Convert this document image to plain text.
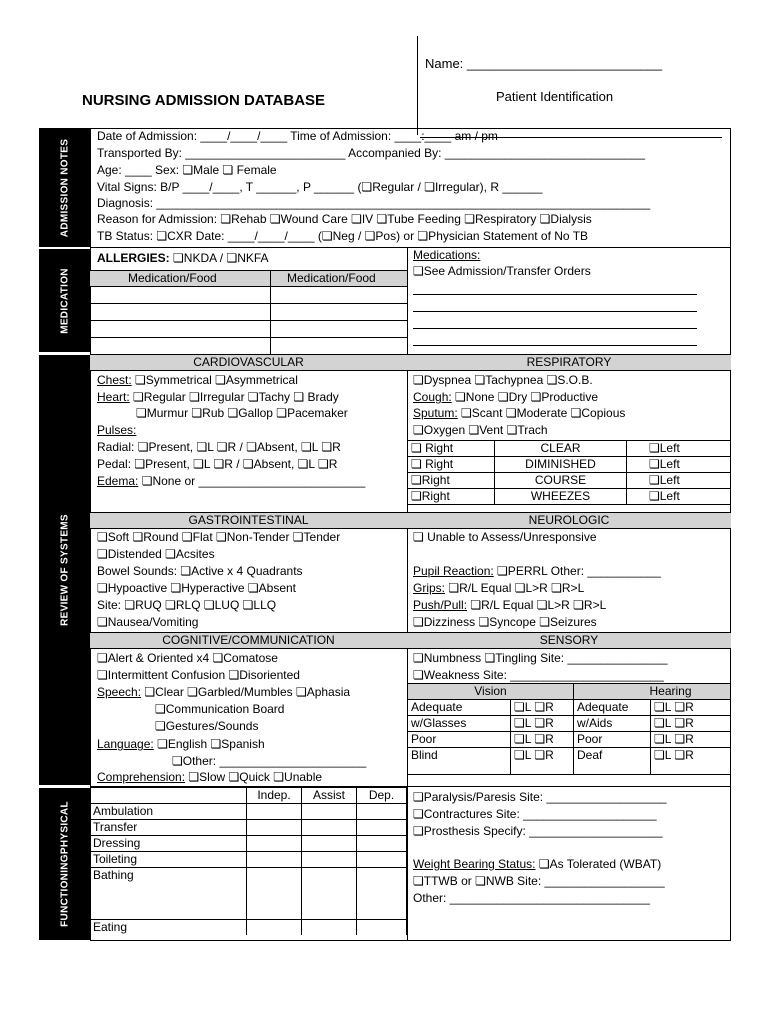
NURSING ADMISSION DATABASE
Name: ___________________________
Patient Identification
ADMISSION NOTES
MEDICATION
REVIEW OF SYSTEMS
FUNCTIONINGPHYSICAL
Date of Admission: ____/____/____ Time of Admission: ____:____ am / pm
Transported By: ________________________ Accompanied By: ______________________________
Age: ____ Sex: ❏Male ❏ Female
Vital Signs: B/P ____/____, T ______, P ______ (❏Regular / ❏Irregular), R ______
Diagnosis: __________________________________________________________________________
Reason for Admission: ❏Rehab ❏Wound Care ❏IV ❏Tube Feeding ❏Respiratory ❏Dialysis
TB Status: ❏CXR Date: ____/____/____ (❏Neg / ❏Pos) or ❏Physician Statement of No TB
ALLERGIES: ❏NKDA / ❏NKFA
Medication/Food	Medication/Food
Medications:
❏See Admission/Transfer Orders
CARDIOVASCULAR	RESPIRATORY
Chest: ❏Symmetrical ❏Asymmetrical
Heart: ❏Regular ❏Irregular ❏Tachy ❏ Brady
❏Murmur ❏Rub ❏Gallop ❏Pacemaker
Pulses:
Radial: ❏Present, ❏L ❏R / ❏Absent, ❏L ❏R
Pedal: ❏Present, ❏L ❏R / ❏Absent, ❏L ❏R
Edema: ❏None or _________________________
❏Dyspnea ❏Tachypnea ❏S.O.B.
Cough: ❏None ❏Dry ❏Productive
Sputum: ❏Scant ❏Moderate ❏Copious
❏Oxygen ❏Vent ❏Trach
❏ Right	CLEAR	❏Left
❏ Right	DIMINISHED	❏Left
❏Right	COURSE	❏Left
❏Right	WHEEZES	❏Left
GASTROINTESTINAL	NEUROLOGIC
❏Soft ❏Round ❏Flat ❏Non-Tender ❏Tender
❏Distended ❏Acsites
Bowel Sounds: ❏Active x 4 Quadrants
❏Hypoactive ❏Hyperactive ❏Absent
Site: ❏RUQ ❏RLQ ❏LUQ ❏LLQ
❏Nausea/Vomiting
❏ Unable to Assess/Unresponsive
Pupil Reaction: ❏PERRL Other: ___________
Grips: ❏R/L Equal ❏L>R ❏R>L
Push/Pull: ❏R/L Equal ❏L>R ❏R>L
❏Dizziness ❏Syncope ❏Seizures
COGNITIVE/COMMUNICATION	SENSORY
❏Alert & Oriented x4 ❏Comatose
❏Intermittent Confusion ❏Disoriented
Speech: ❏Clear ❏Garbled/Mumbles ❏Aphasia
❏Communication Board
❏Gestures/Sounds
Language: ❏English ❏Spanish
❏Other: ______________________
Comprehension: ❏Slow ❏Quick ❏Unable
❏Numbness ❏Tingling Site: _______________
❏Weakness Site: _______________________
Vision		Hearing	
Adequate	❏L ❏R	Adequate	❏L ❏R
w/Glasses	❏L ❏R	w/Aids	❏L ❏R
Poor	❏L ❏R	Poor	❏L ❏R
Blind	❏L ❏R	Deaf	❏L ❏R
	Indep.	Assist	Dep.
Ambulation			
Transfer			
Dressing			
Toileting			
Bathing			
Eating			
❏Paralysis/Paresis Site: __________________
❏Contractures Site: ____________________
❏Prosthesis Specify: ____________________
Weight Bearing Status: ❏As Tolerated (WBAT)
❏TTWB or ❏NWB Site: __________________
Other: ______________________________
